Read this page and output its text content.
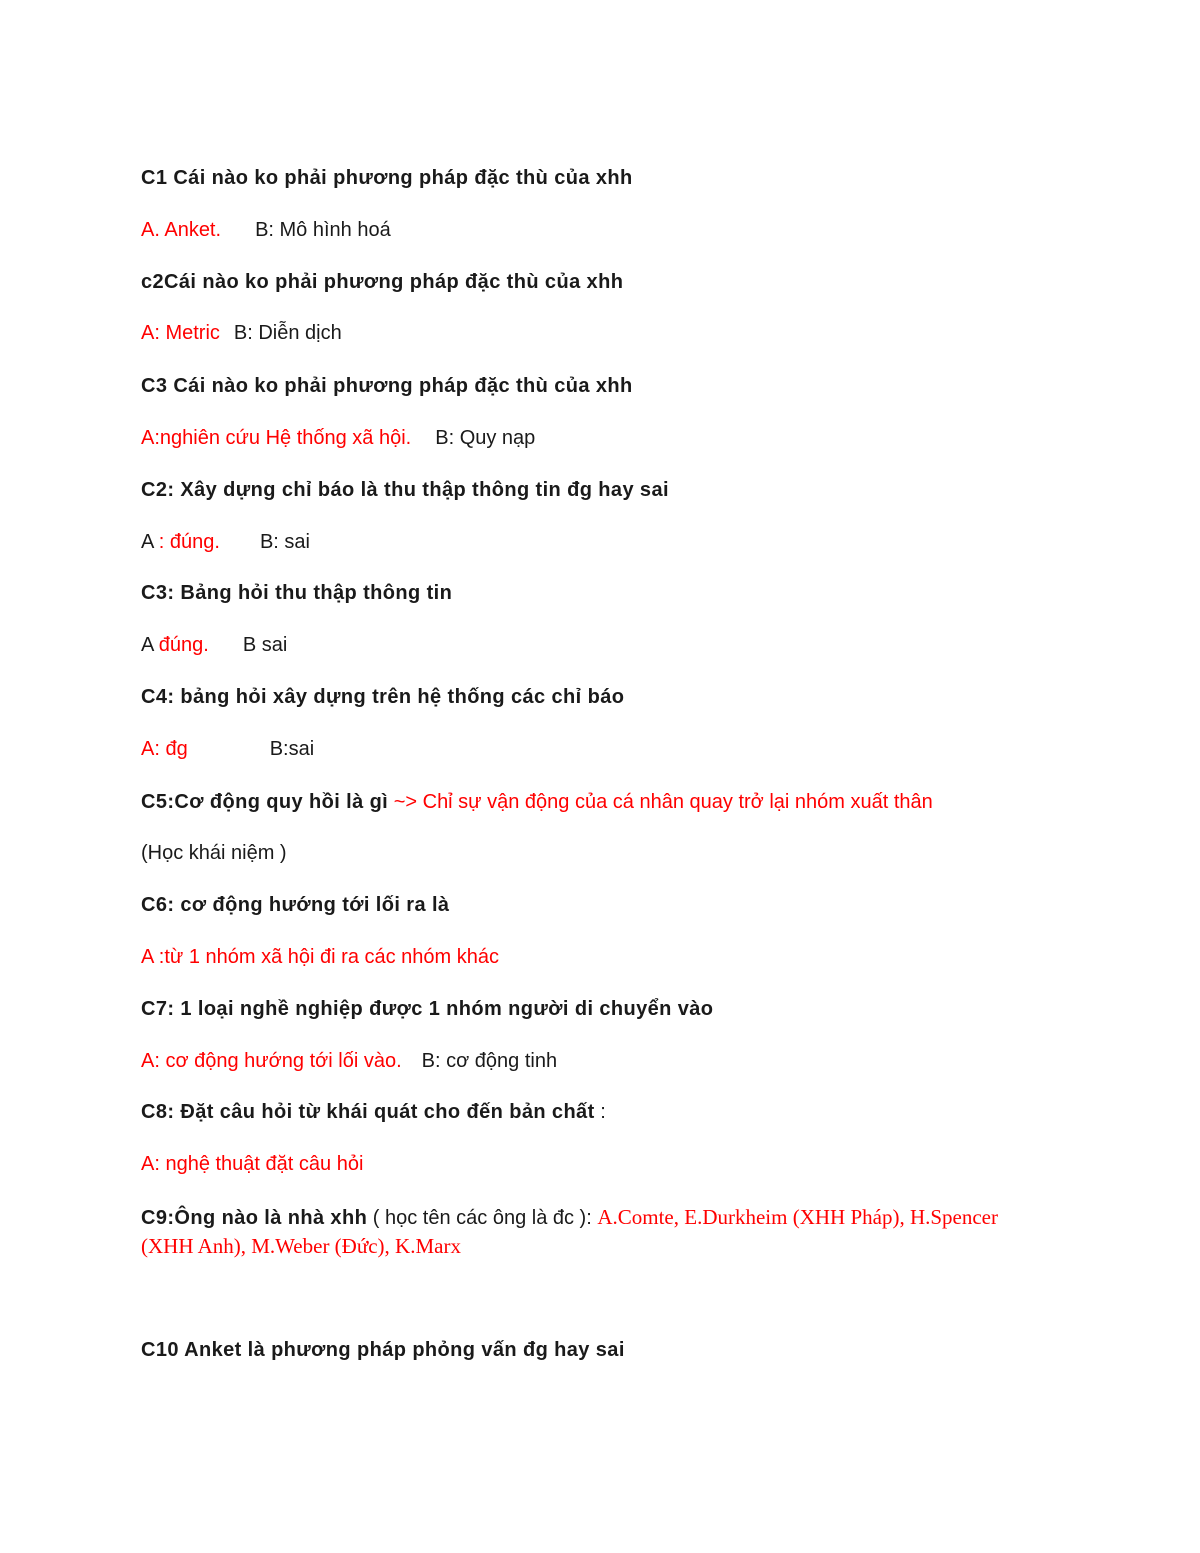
C1 Cái nào ko phải phương pháp đặc thù của xhh
A. Anket. B: Mô hình hoá
c2Cái nào ko phải phương pháp đặc thù của xhh
A: Metric B: Diễn dịch
C3 Cái nào ko phải phương pháp đặc thù của xhh
A:nghiên cứu Hệ thống xã hội. B: Quy nạp
C2: Xây dựng chỉ báo là thu thập thông tin đg hay sai
A : đúng. B: sai
C3: Bảng hỏi thu thập thông tin
A đúng. B sai
C4: bảng hỏi xây dựng trên hệ thống các chỉ báo
A: đg	B:sai
C5:Cơ động quy hồi là gì ~> Chỉ sự vận động của cá nhân quay trở lại nhóm xuất thân
(Học khái niệm )
C6: cơ động hướng tới lối ra là
A :từ 1 nhóm xã hội đi ra các nhóm khác
C7: 1 loại nghề nghiệp được 1 nhóm người di chuyển vào
A: cơ động hướng tới lối vào. B: cơ động tinh
C8: Đặt câu hỏi từ khái quát cho đến bản chất :
A: nghệ thuật đặt câu hỏi
C9:Ông nào là nhà xhh ( học tên các ông là đc ): A.Comte, E.Durkheim (XHH Pháp), H.Spencer (XHH Anh), M.Weber (Đức), K.Marx
C10 Anket là phương pháp phỏng vấn đg hay sai
